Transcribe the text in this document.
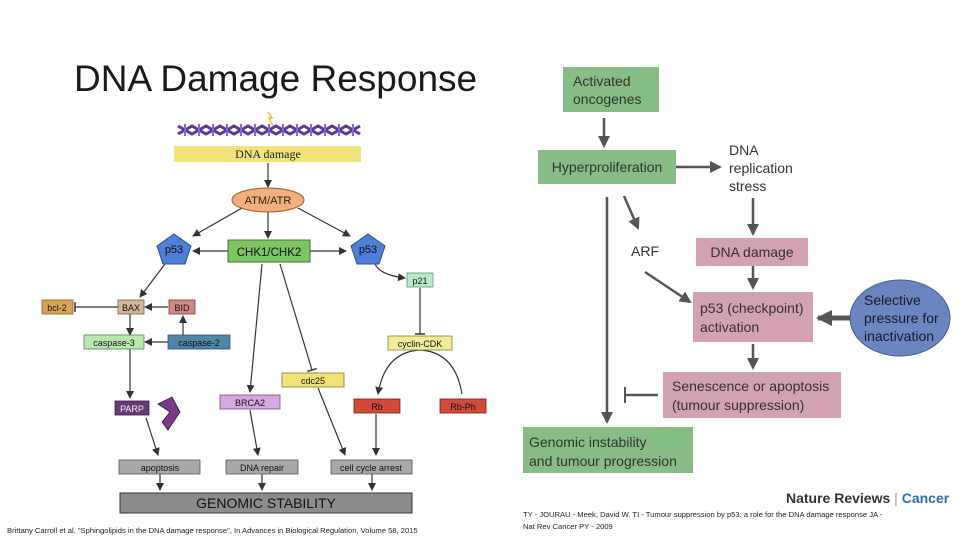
DNA Damage Response
DNA damage
ATM/ATR
CHK1/CHK2
p53	p53
p21
bcl-2	BAX	BID
caspase-3	caspase-2	cyclin-CDK
cdc25
PARP
BRCA2	Rb	Rb-Ph
apoptosis	DNA repair	cell cycle arrest
GENOMIC STABILITY
Activated
oncogenes
Hyperproliferation
DNA
replication
stress
ARF	DNA damage
p53 (checkpoint)
activation
Selective
pressure for
inactivation
Senescence or apoptosis
(tumour suppression)
Genomic instability
and tumour progression
Brittany Carroll et al. "Sphingolipids in the DNA damage response", In Advances in Biological Regulation, Volume 58, 2015
TY - JOURAU - Meek, David W. TI - Tumour suppression by p53: a role for the DNA damage response JA -
Nat Rev Cancer PY - 2009
Nature Reviews | Cancer
